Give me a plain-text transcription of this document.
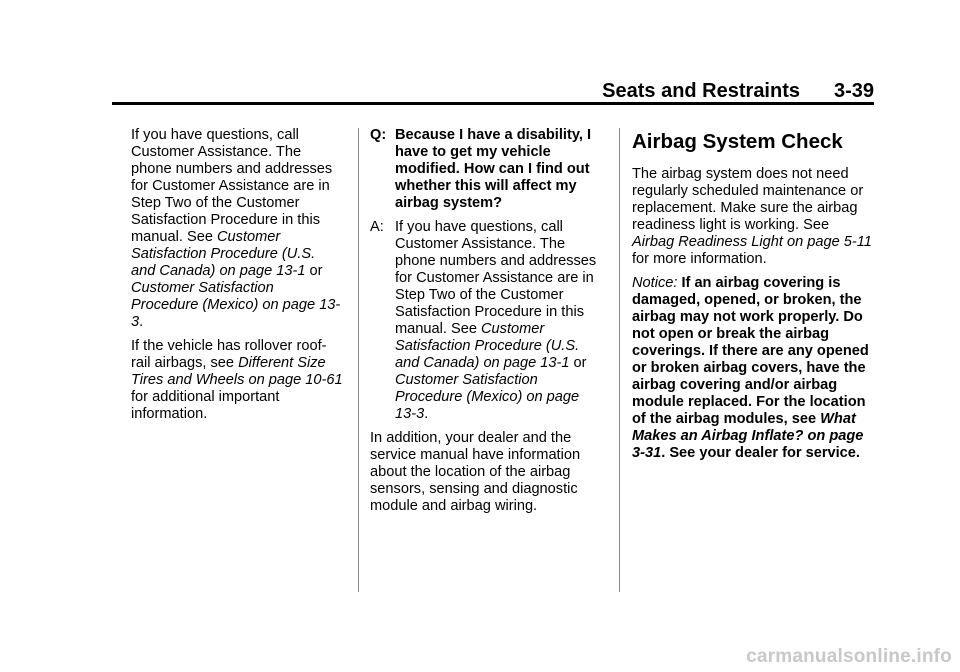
Seats and Restraints 3-39

If you have questions, call Customer Assistance. The phone numbers and addresses for Customer Assistance are in Step Two of the Customer Satisfaction Procedure in this manual. See Customer Satisfaction Procedure (U.S. and Canada) on page 13-1 or Customer Satisfaction Procedure (Mexico) on page 13-3.

If the vehicle has rollover roof-rail airbags, see Different Size Tires and Wheels on page 10-61 for additional important information.

Q: Because I have a disability, I have to get my vehicle modified. How can I find out whether this will affect my airbag system?
A: If you have questions, call Customer Assistance. The phone numbers and addresses for Customer Assistance are in Step Two of the Customer Satisfaction Procedure in this manual. See Customer Satisfaction Procedure (U.S. and Canada) on page 13-1 or Customer Satisfaction Procedure (Mexico) on page 13-3.

In addition, your dealer and the service manual have information about the location of the airbag sensors, sensing and diagnostic module and airbag wiring.

Airbag System Check

The airbag system does not need regularly scheduled maintenance or replacement. Make sure the airbag readiness light is working. See Airbag Readiness Light on page 5-11 for more information.

Notice: If an airbag covering is damaged, opened, or broken, the airbag may not work properly. Do not open or break the airbag coverings. If there are any opened or broken airbag covers, have the airbag covering and/or airbag module replaced. For the location of the airbag modules, see What Makes an Airbag Inflate? on page 3-31. See your dealer for service.

carmanualsonline.info
